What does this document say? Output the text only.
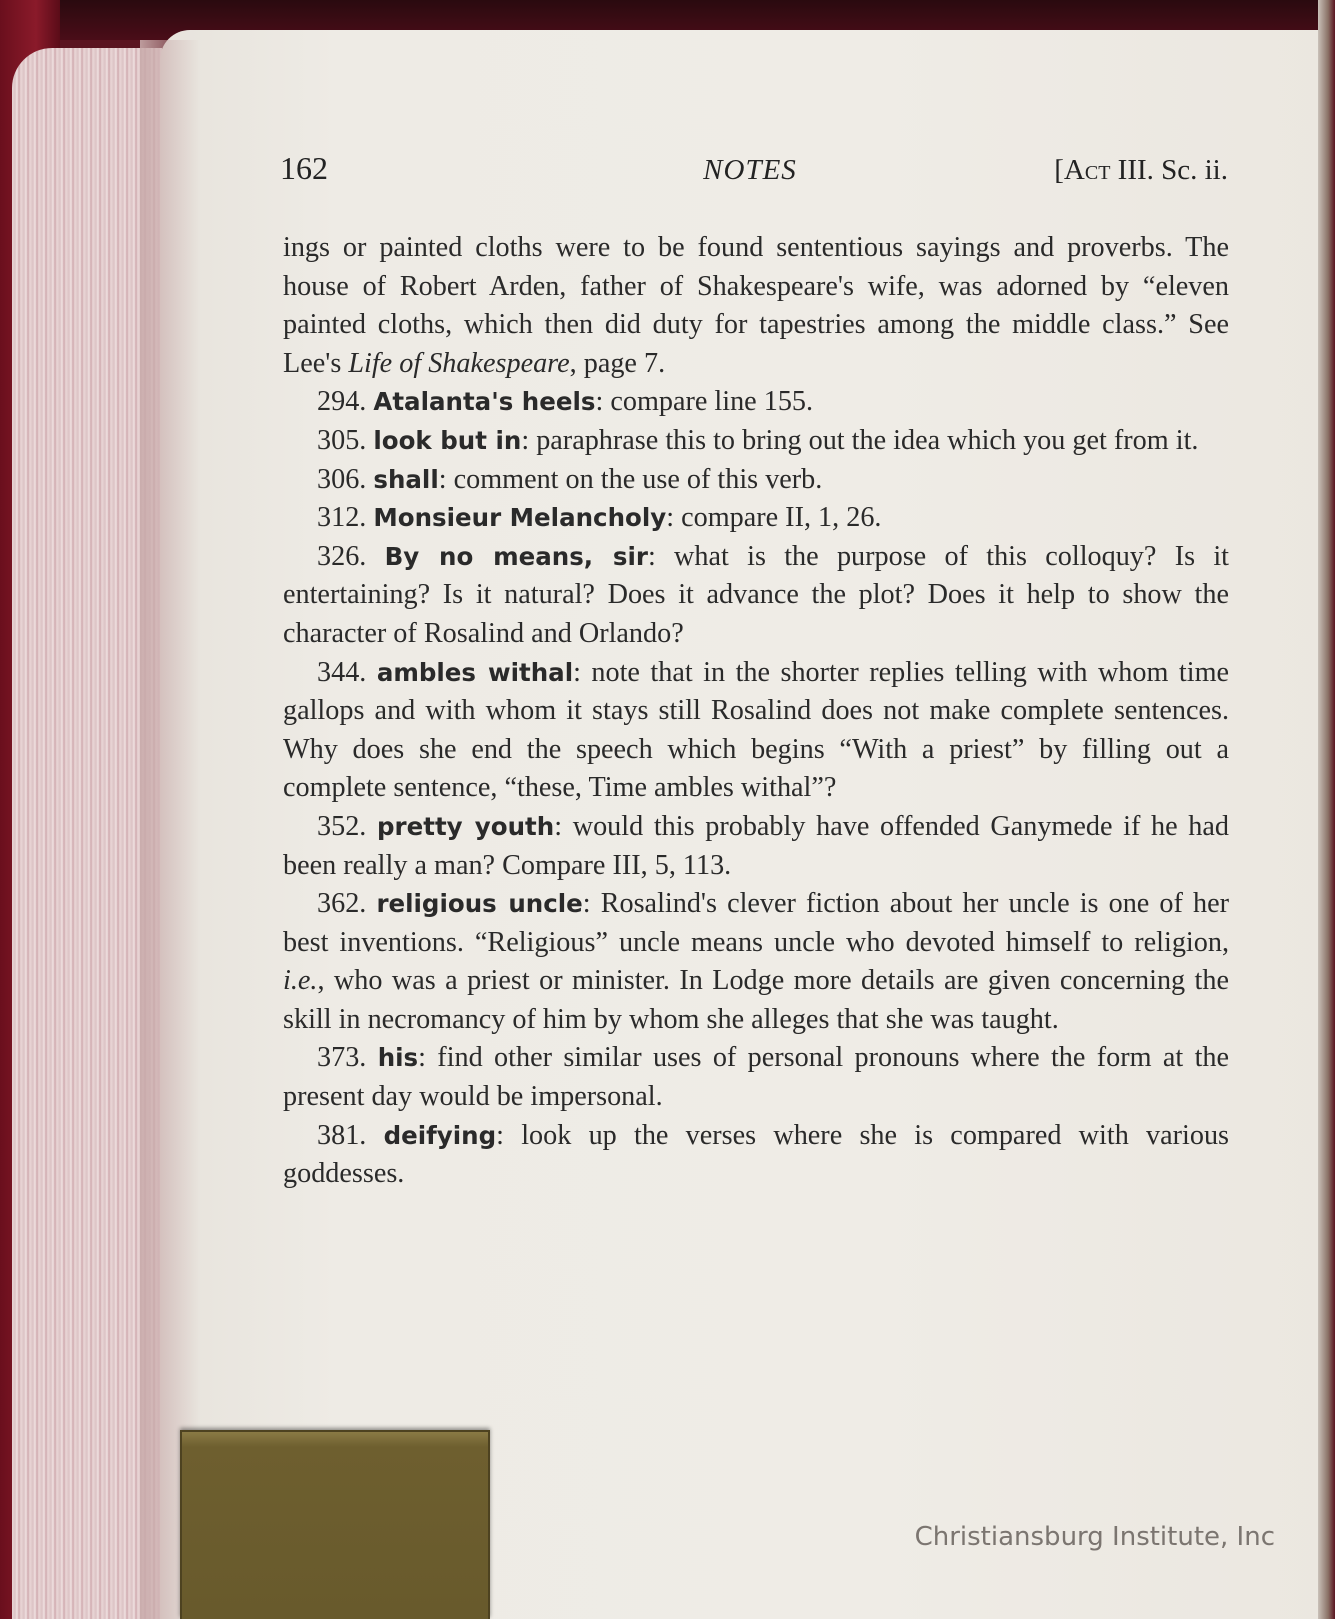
162	NOTES	[Act III. Sc. ii.

ings or painted cloths were to be found sententious sayings and proverbs. The house of Robert Arden, father of Shakespeare's wife, was adorned by “eleven painted cloths, which then did duty for tapestries among the middle class.” See Lee's Life of Shakespeare, page 7.

294. Atalanta's heels: compare line 155.

305. look but in: paraphrase this to bring out the idea which you get from it.

306. shall: comment on the use of this verb.

312. Monsieur Melancholy: compare II, 1, 26.

326. By no means, sir: what is the purpose of this colloquy? Is it entertaining? Is it natural? Does it advance the plot? Does it help to show the character of Rosalind and Orlando?

344. ambles withal: note that in the shorter replies telling with whom time gallops and with whom it stays still Rosalind does not make complete sentences. Why does she end the speech which begins “With a priest” by filling out a complete sentence, “these, Time ambles withal”?

352. pretty youth: would this probably have offended Ganymede if he had been really a man? Compare III, 5, 113.

362. religious uncle: Rosalind's clever fiction about her uncle is one of her best inventions. “Religious” uncle means uncle who devoted himself to religion, i.e., who was a priest or minister. In Lodge more details are given concerning the skill in necromancy of him by whom she alleges that she was taught.

373. his: find other similar uses of personal pronouns where the form at the present day would be impersonal.

381. deifying: look up the verses where she is compared with various goddesses.

Christiansburg Institute, Inc
